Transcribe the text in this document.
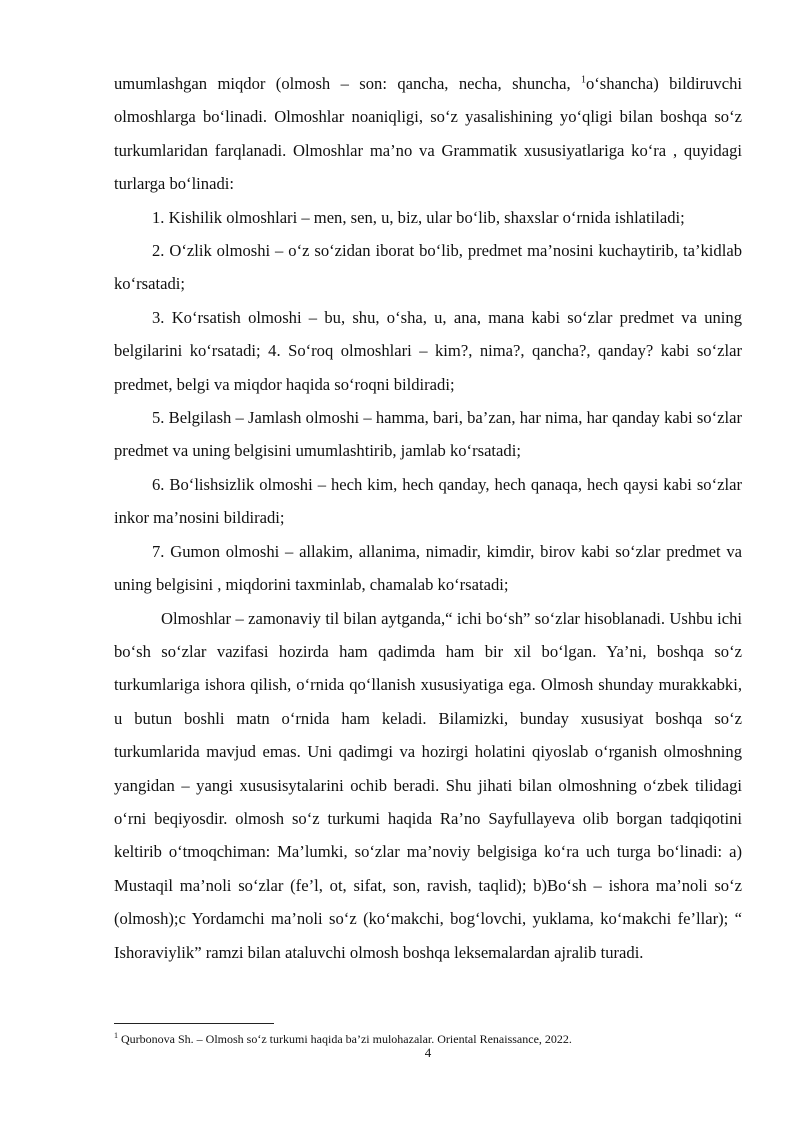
umumlashgan miqdor (olmosh – son: qancha, necha, shuncha, $^1$o‘shancha) bildiruvchi olmoshlarga bo‘linadi. Olmoshlar noaniqligi, so‘z yasalishining yo‘qligi bilan boshqa so‘z turkumlaridan farqlanadi. Olmoshlar ma’no va Grammatik xususiyatlariga ko‘ra , quyidagi turlarga bo‘linadi:

1. Kishilik olmoshlari – men, sen, u, biz, ular bo‘lib, shaxslar o‘rnida ishlatiladi;

2. O‘zlik olmoshi – o‘z so‘zidan iborat bo‘lib, predmet ma’nosini kuchaytirib, ta’kidlab ko‘rsatadi;

3. Ko‘rsatish olmoshi – bu, shu, o‘sha, u, ana, mana kabi so‘zlar predmet va uning belgilarini ko‘rsatadi; 4. So‘roq olmoshlari – kim?, nima?, qancha?, qanday? kabi so‘zlar predmet, belgi va miqdor haqida so‘roqni bildiradi;

5. Belgilash – Jamlash olmoshi – hamma, bari, ba’zan, har nima, har qanday kabi so‘zlar predmet va uning belgisini umumlashtirib, jamlab ko‘rsatadi;

6. Bo‘lishsizlik olmoshi – hech kim, hech qanday, hech qanaqa, hech qaysi kabi so‘zlar inkor ma’nosini bildiradi;

7. Gumon olmoshi – allakim, allanima, nimadir, kimdir, birov kabi so‘zlar predmet va uning belgisini , miqdorini taxminlab, chamalab ko‘rsatadi;

Olmoshlar – zamonaviy til bilan aytganda,“ ichi bo‘sh” so‘zlar hisoblanadi. Ushbu ichi bo‘sh so‘zlar vazifasi hozirda ham qadimda ham bir xil bo‘lgan. Ya’ni, boshqa so‘z turkumlariga ishora qilish, o‘rnida qo‘llanish xususiyatiga ega. Olmosh shunday murakkabki, u butun boshli matn o‘rnida ham keladi. Bilamizki, bunday xususiyat boshqa so‘z turkumlarida mavjud emas. Uni qadimgi va hozirgi holatini qiyoslab o‘rganish olmoshning yangidan – yangi xususisytalarini ochib beradi. Shu jihati bilan olmoshning o‘zbek tilidagi o‘rni beqiyosdir. olmosh so‘z turkumi haqida Ra’no Sayfullayeva olib borgan tadqiqotini keltirib o‘tmoqchiman: Ma’lumki, so‘zlar ma’noviy belgisiga ko‘ra uch turga bo‘linadi: a) Mustaqil ma’noli so‘zlar (fe’l, ot, sifat, son, ravish, taqlid); b)Bo‘sh – ishora ma’noli so‘z (olmosh);c Yordamchi ma’noli so‘z (ko‘makchi, bog‘lovchi, yuklama, ko‘makchi fe’llar); “ Ishoraviylik” ramzi bilan ataluvchi olmosh boshqa leksemalardan ajralib turadi.

$^1$ Qurbonova Sh. – Olmosh so‘z turkumi haqida ba’zi mulohazalar. Oriental Renaissance, 2022.
4
